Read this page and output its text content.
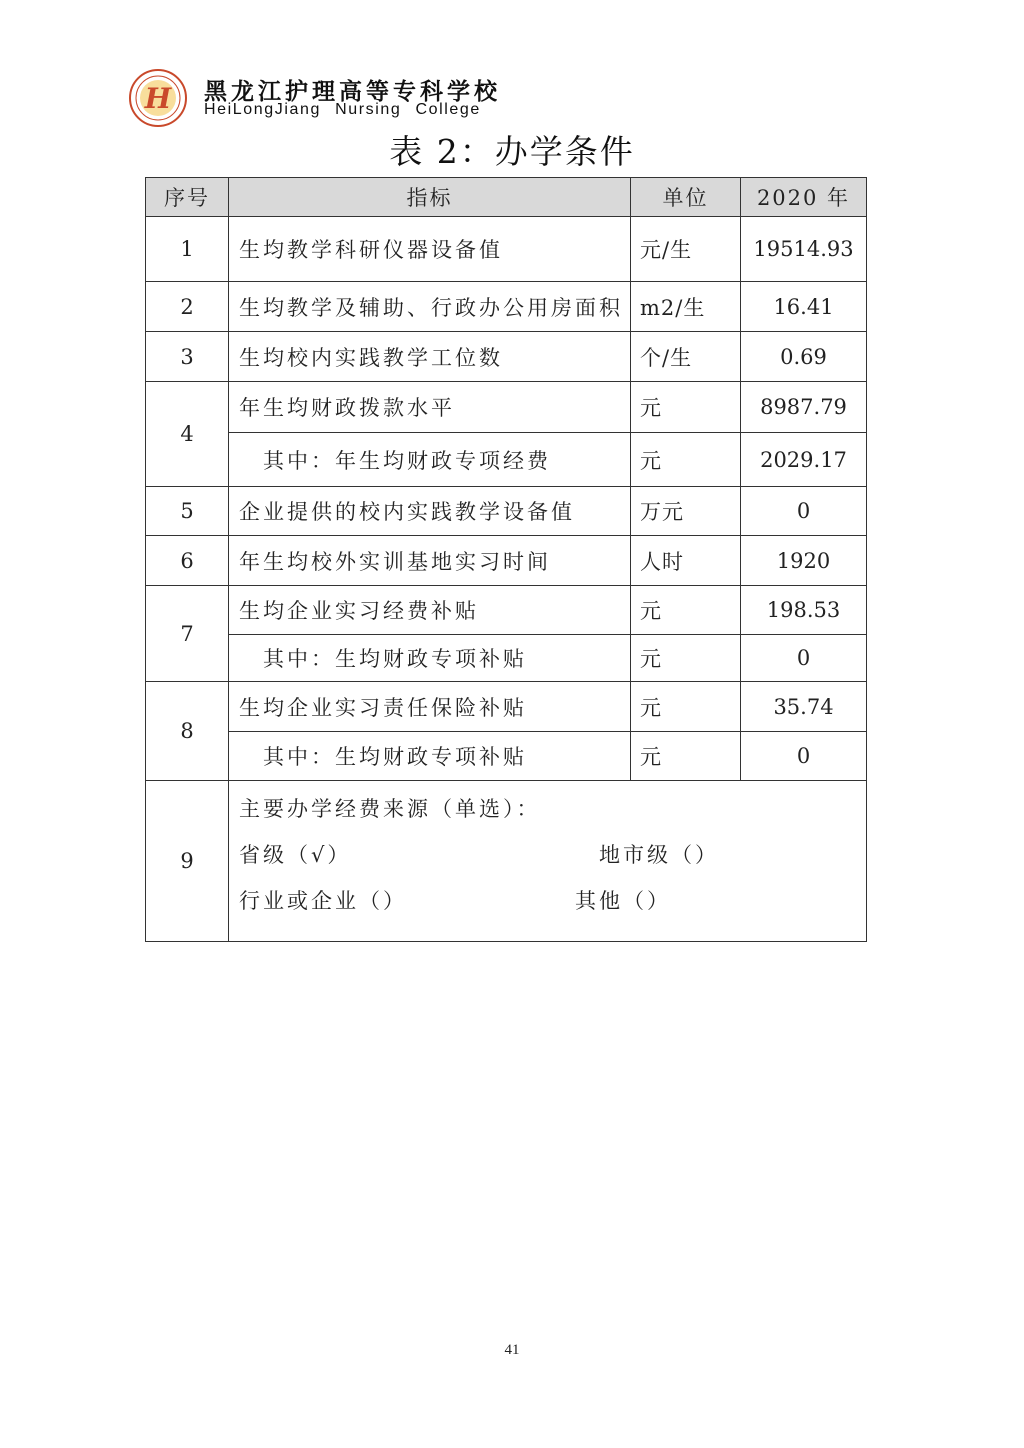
H 黑龙江护理高等专科学校
HeiLongJiang Nursing College
表 2：办学条件
序号	指标	单位	2020 年
1	生均教学科研仪器设备值	元/生	19514.93
2	生均教学及辅助、行政办公用房面积	m2/生	16.41
3	生均校内实践教学工位数	个/生	0.69
4	年生均财政拨款水平	元	8987.79
	其中：年生均财政专项经费	元	2029.17
5	企业提供的校内实践教学设备值	万元	0
6	年生均校外实训基地实习时间	人时	1920
7	生均企业实习经费补贴	元	198.53
	其中：生均财政专项补贴	元	0
8	生均企业实习责任保险补贴	元	35.74
	其中：生均财政专项补贴	元	0
9	主要办学经费来源（单选）：
省级（√） 地市级（）
行业或企业（） 其他（）		
41
